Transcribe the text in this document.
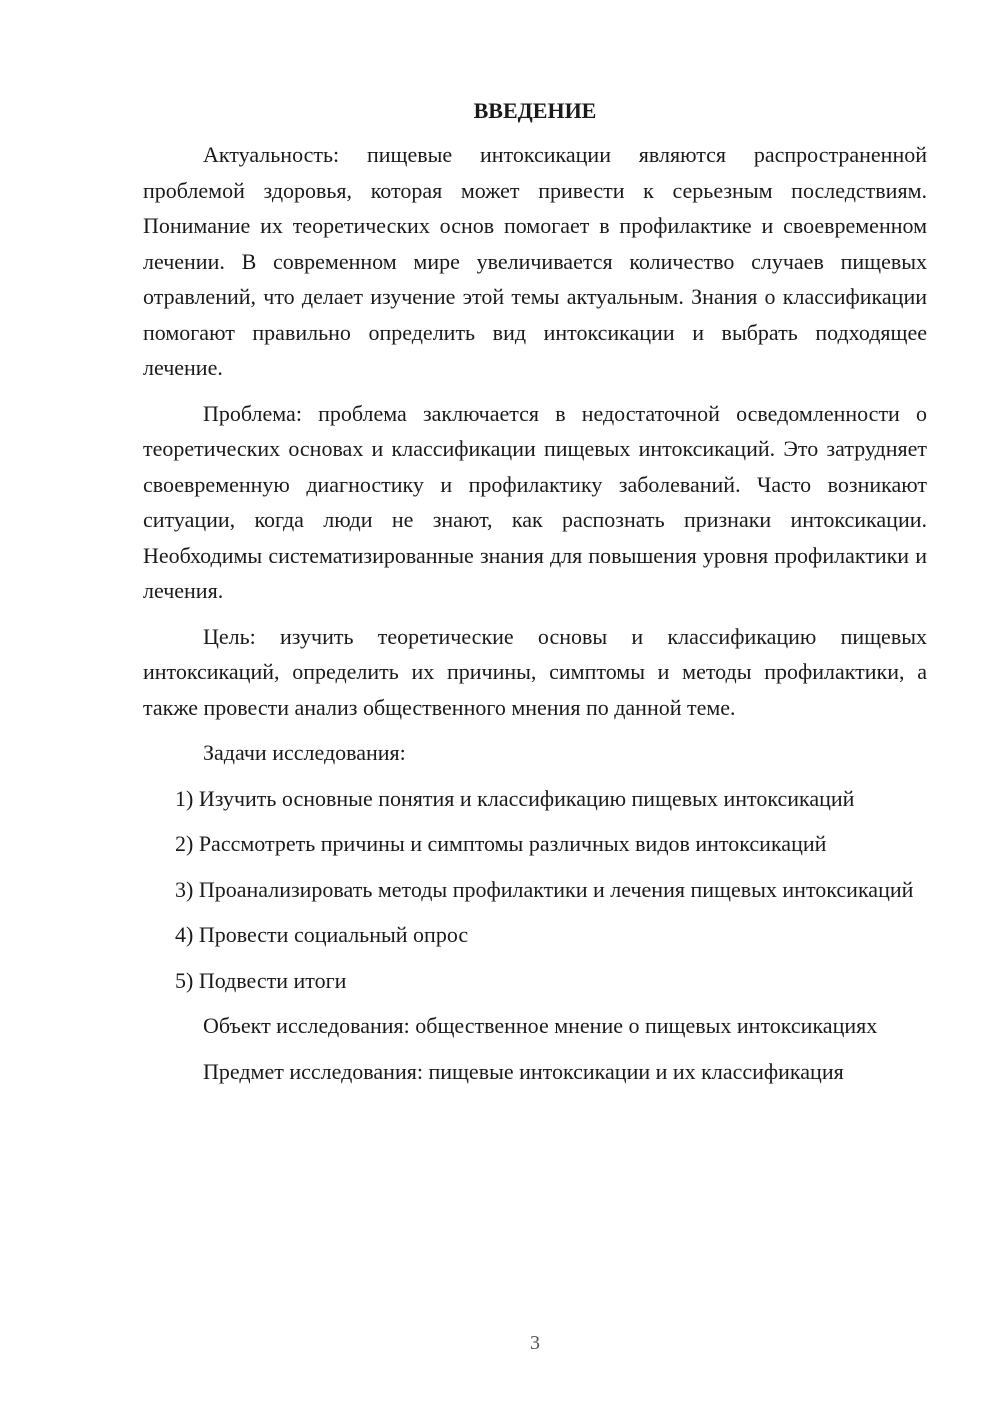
ВВЕДЕНИЕ

Актуальность: пищевые интоксикации являются распространенной проблемой здоровья, которая может привести к серьезным последствиям. Понимание их теоретических основ помогает в профилактике и своевременном лечении. В современном мире увеличивается количество случаев пищевых отравлений, что делает изучение этой темы актуальным. Знания о классификации помогают правильно определить вид интоксикации и выбрать подходящее лечение.

Проблема: проблема заключается в недостаточной осведомленности о теоретических основах и классификации пищевых интоксикаций. Это затрудняет своевременную диагностику и профилактику заболеваний. Часто возникают ситуации, когда люди не знают, как распознать признаки интоксикации. Необходимы систематизированные знания для повышения уровня профилактики и лечения.

Цель: изучить теоретические основы и классификацию пищевых интоксикаций, определить их причины, симптомы и методы профилактики, а также провести анализ общественного мнения по данной теме.

Задачи исследования:

1) Изучить основные понятия и классификацию пищевых интоксикаций

2) Рассмотреть причины и симптомы различных видов интоксикаций

3) Проанализировать методы профилактики и лечения пищевых интоксикаций

4) Провести социальный опрос

5) Подвести итоги

Объект исследования: общественное мнение о пищевых интоксикациях

Предмет исследования: пищевые интоксикации и их классификация

3
